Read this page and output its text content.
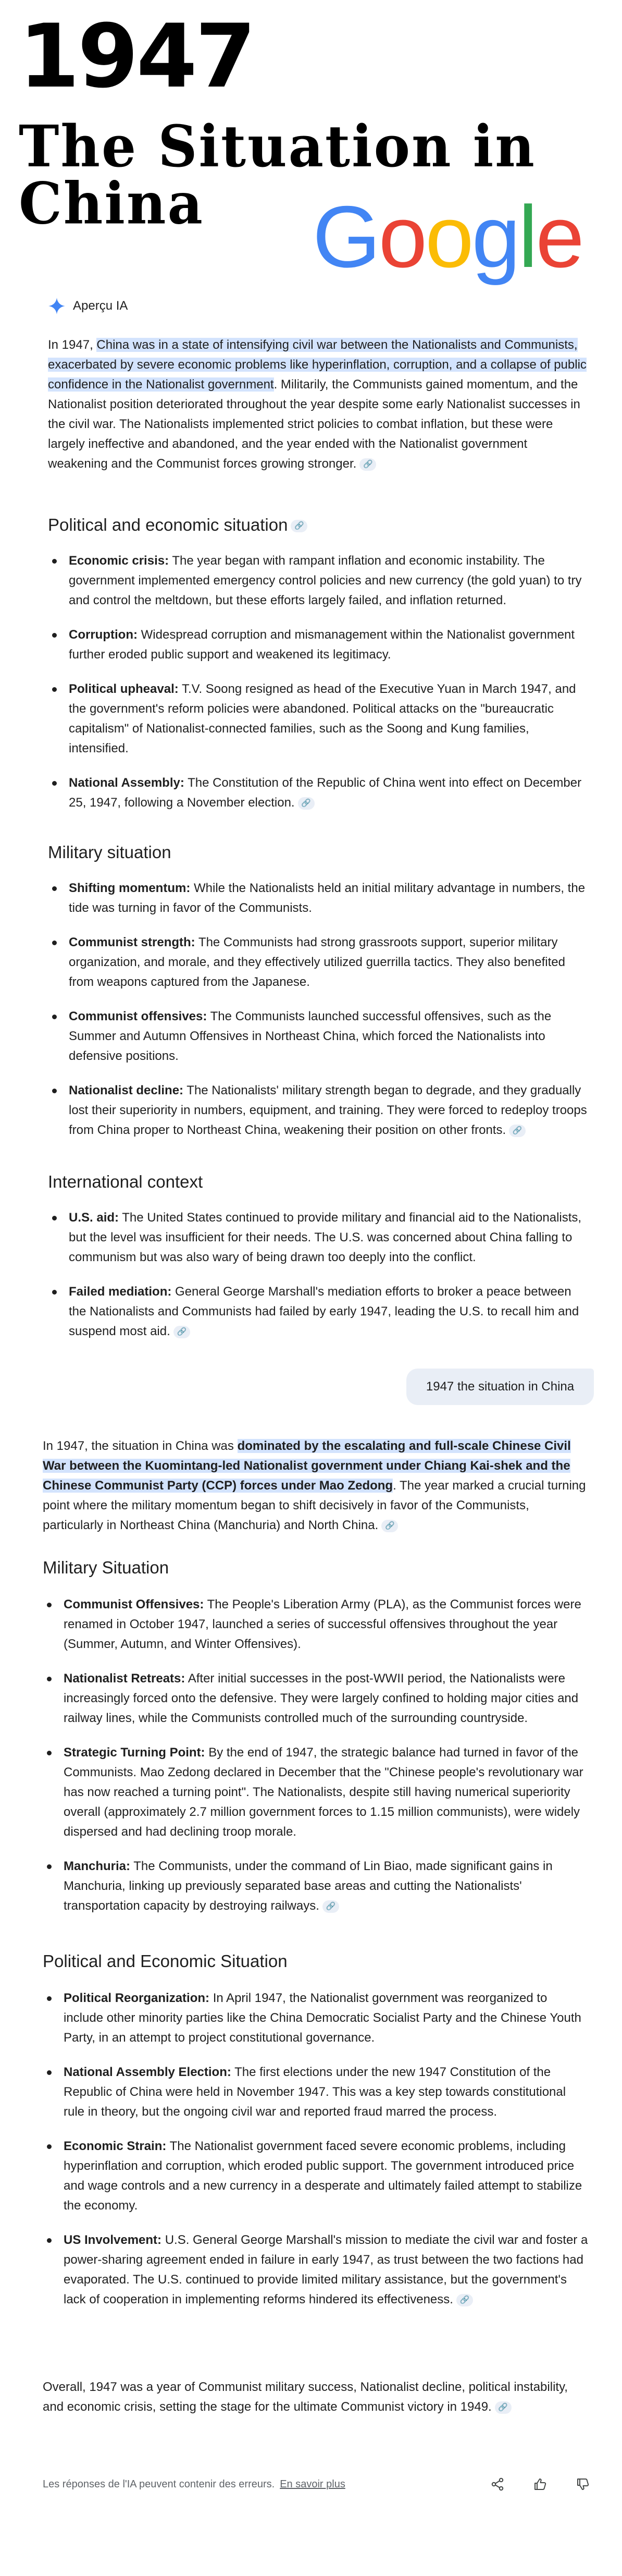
1947
The Situation in China	Google
Aperçu IA

In 1947, China was in a state of intensifying civil war between the Nationalists and Communists, exacerbated by severe economic problems like hyperinflation, corruption, and a collapse of public confidence in the Nationalist government. Militarily, the Communists gained momentum, and the Nationalist position deteriorated throughout the year despite some early Nationalist successes in the civil war. The Nationalists implemented strict policies to combat inflation, but these were largely ineffective and abandoned, and the year ended with the Nationalist government weakening and the Communist forces growing stronger. 🔗

Political and economic situation 🔗
Economic crisis: The year began with rampant inflation and economic instability. The government implemented emergency control policies and new currency (the gold yuan) to try and control the meltdown, but these efforts largely failed, and inflation returned.
Corruption: Widespread corruption and mismanagement within the Nationalist government further eroded public support and weakened its legitimacy.
Political upheaval: T.V. Soong resigned as head of the Executive Yuan in March 1947, and the government's reform policies were abandoned. Political attacks on the "bureaucratic capitalism" of Nationalist-connected families, such as the Soong and Kung families, intensified.
National Assembly: The Constitution of the Republic of China went into effect on December 25, 1947, following a November election. 🔗
Military situation
Shifting momentum: While the Nationalists held an initial military advantage in numbers, the tide was turning in favor of the Communists.
Communist strength: The Communists had strong grassroots support, superior military organization, and morale, and they effectively utilized guerrilla tactics. They also benefited from weapons captured from the Japanese.
Communist offensives: The Communists launched successful offensives, such as the Summer and Autumn Offensives in Northeast China, which forced the Nationalists into defensive positions.
Nationalist decline: The Nationalists' military strength began to degrade, and they gradually lost their superiority in numbers, equipment, and training. They were forced to redeploy troops from China proper to Northeast China, weakening their position on other fronts. 🔗
International context
U.S. aid: The United States continued to provide military and financial aid to the Nationalists, but the level was insufficient for their needs. The U.S. was concerned about China falling to communism but was also wary of being drawn too deeply into the conflict.
Failed mediation: General George Marshall's mediation efforts to broker a peace between the Nationalists and Communists had failed by early 1947, leading the U.S. to recall him and suspend most aid. 🔗
1947 the situation in China

In 1947, the situation in China was dominated by the escalating and full-scale Chinese Civil War between the Kuomintang-led Nationalist government under Chiang Kai-shek and the Chinese Communist Party (CCP) forces under Mao Zedong. The year marked a crucial turning point where the military momentum began to shift decisively in favor of the Communists, particularly in Northeast China (Manchuria) and North China. 🔗

Military Situation
Communist Offensives: The People's Liberation Army (PLA), as the Communist forces were renamed in October 1947, launched a series of successful offensives throughout the year (Summer, Autumn, and Winter Offensives).
Nationalist Retreats: After initial successes in the post-WWII period, the Nationalists were increasingly forced onto the defensive. They were largely confined to holding major cities and railway lines, while the Communists controlled much of the surrounding countryside.
Strategic Turning Point: By the end of 1947, the strategic balance had turned in favor of the Communists. Mao Zedong declared in December that the "Chinese people's revolutionary war has now reached a turning point". The Nationalists, despite still having numerical superiority overall (approximately 2.7 million government forces to 1.15 million communists), were widely dispersed and had declining troop morale.
Manchuria: The Communists, under the command of Lin Biao, made significant gains in Manchuria, linking up previously separated base areas and cutting the Nationalists' transportation capacity by destroying railways. 🔗
Political and Economic Situation
Political Reorganization: In April 1947, the Nationalist government was reorganized to include other minority parties like the China Democratic Socialist Party and the Chinese Youth Party, in an attempt to project constitutional governance.
National Assembly Election: The first elections under the new 1947 Constitution of the Republic of China were held in November 1947. This was a key step towards constitutional rule in theory, but the ongoing civil war and reported fraud marred the process.
Economic Strain: The Nationalist government faced severe economic problems, including hyperinflation and corruption, which eroded public support. The government introduced price and wage controls and a new currency in a desperate and ultimately failed attempt to stabilize the economy.
US Involvement: U.S. General George Marshall's mission to mediate the civil war and foster a power-sharing agreement ended in failure in early 1947, as trust between the two factions had evaporated. The U.S. continued to provide limited military assistance, but the government's lack of cooperation in implementing reforms hindered its effectiveness. 🔗

Overall, 1947 was a year of Communist military success, Nationalist decline, political instability, and economic crisis, setting the stage for the ultimate Communist victory in 1949. 🔗

Les réponses de l'IA peuvent contenir des erreurs. En savoir plus
